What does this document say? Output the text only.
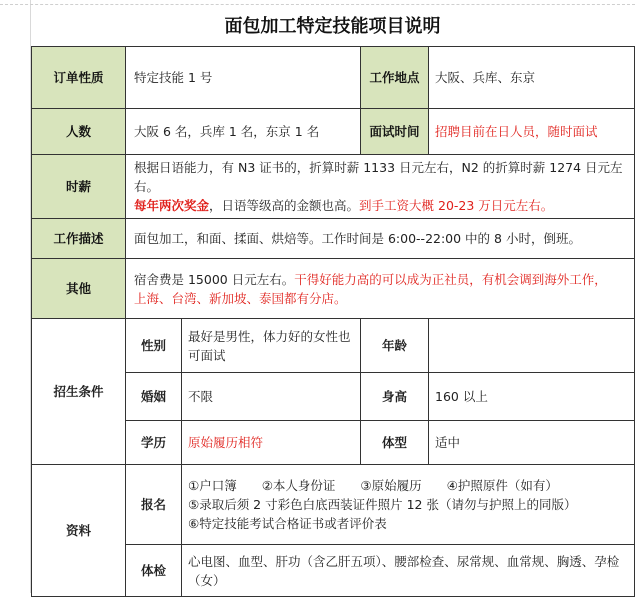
面包加工特定技能项目说明
订单性质	特定技能 1 号		工作地点	大阪、兵库、东京
人数	大阪 6 名，兵库 1 名，东京 1 名		面试时间	招聘目前在日人员，随时面试
时薪	根据日语能力，有 N3 证书的，折算时薪 1133 日元左右，N2 的折算时薪 1274 日元左右。
每年两次奖金，日语等级高的金额也高。到手工资大概 20-23 万日元左右。			

工作描述	面包加工，和面、揉面、烘焙等。工作时间是 6:00--22:00 中的 8 小时，倒班。			
其他	宿舍费是 15000 日元左右。干得好能力高的可以成为正社员，有机会调到海外工作，
上海、台湾、新加坡、泰国都有分店。			

招生条件	性别	最好是男性，体力好的女性也可面试	年龄	
	婚姻	不限	身高	160 以上
	学历	原始履历相符	体型	适中
资料	报名	①户口簿　　②本人身份证　　③原始履历　　④护照原件（如有）
⑤录取后须 2 寸彩色白底西装证件照片 12 张（请勿与护照上的同版）
⑥特定技能考试合格证书或者评价表		

	体检	心电图、血型、肝功（含乙肝五项）、腰部检查、尿常规、血常规、胸透、孕检（女）		
